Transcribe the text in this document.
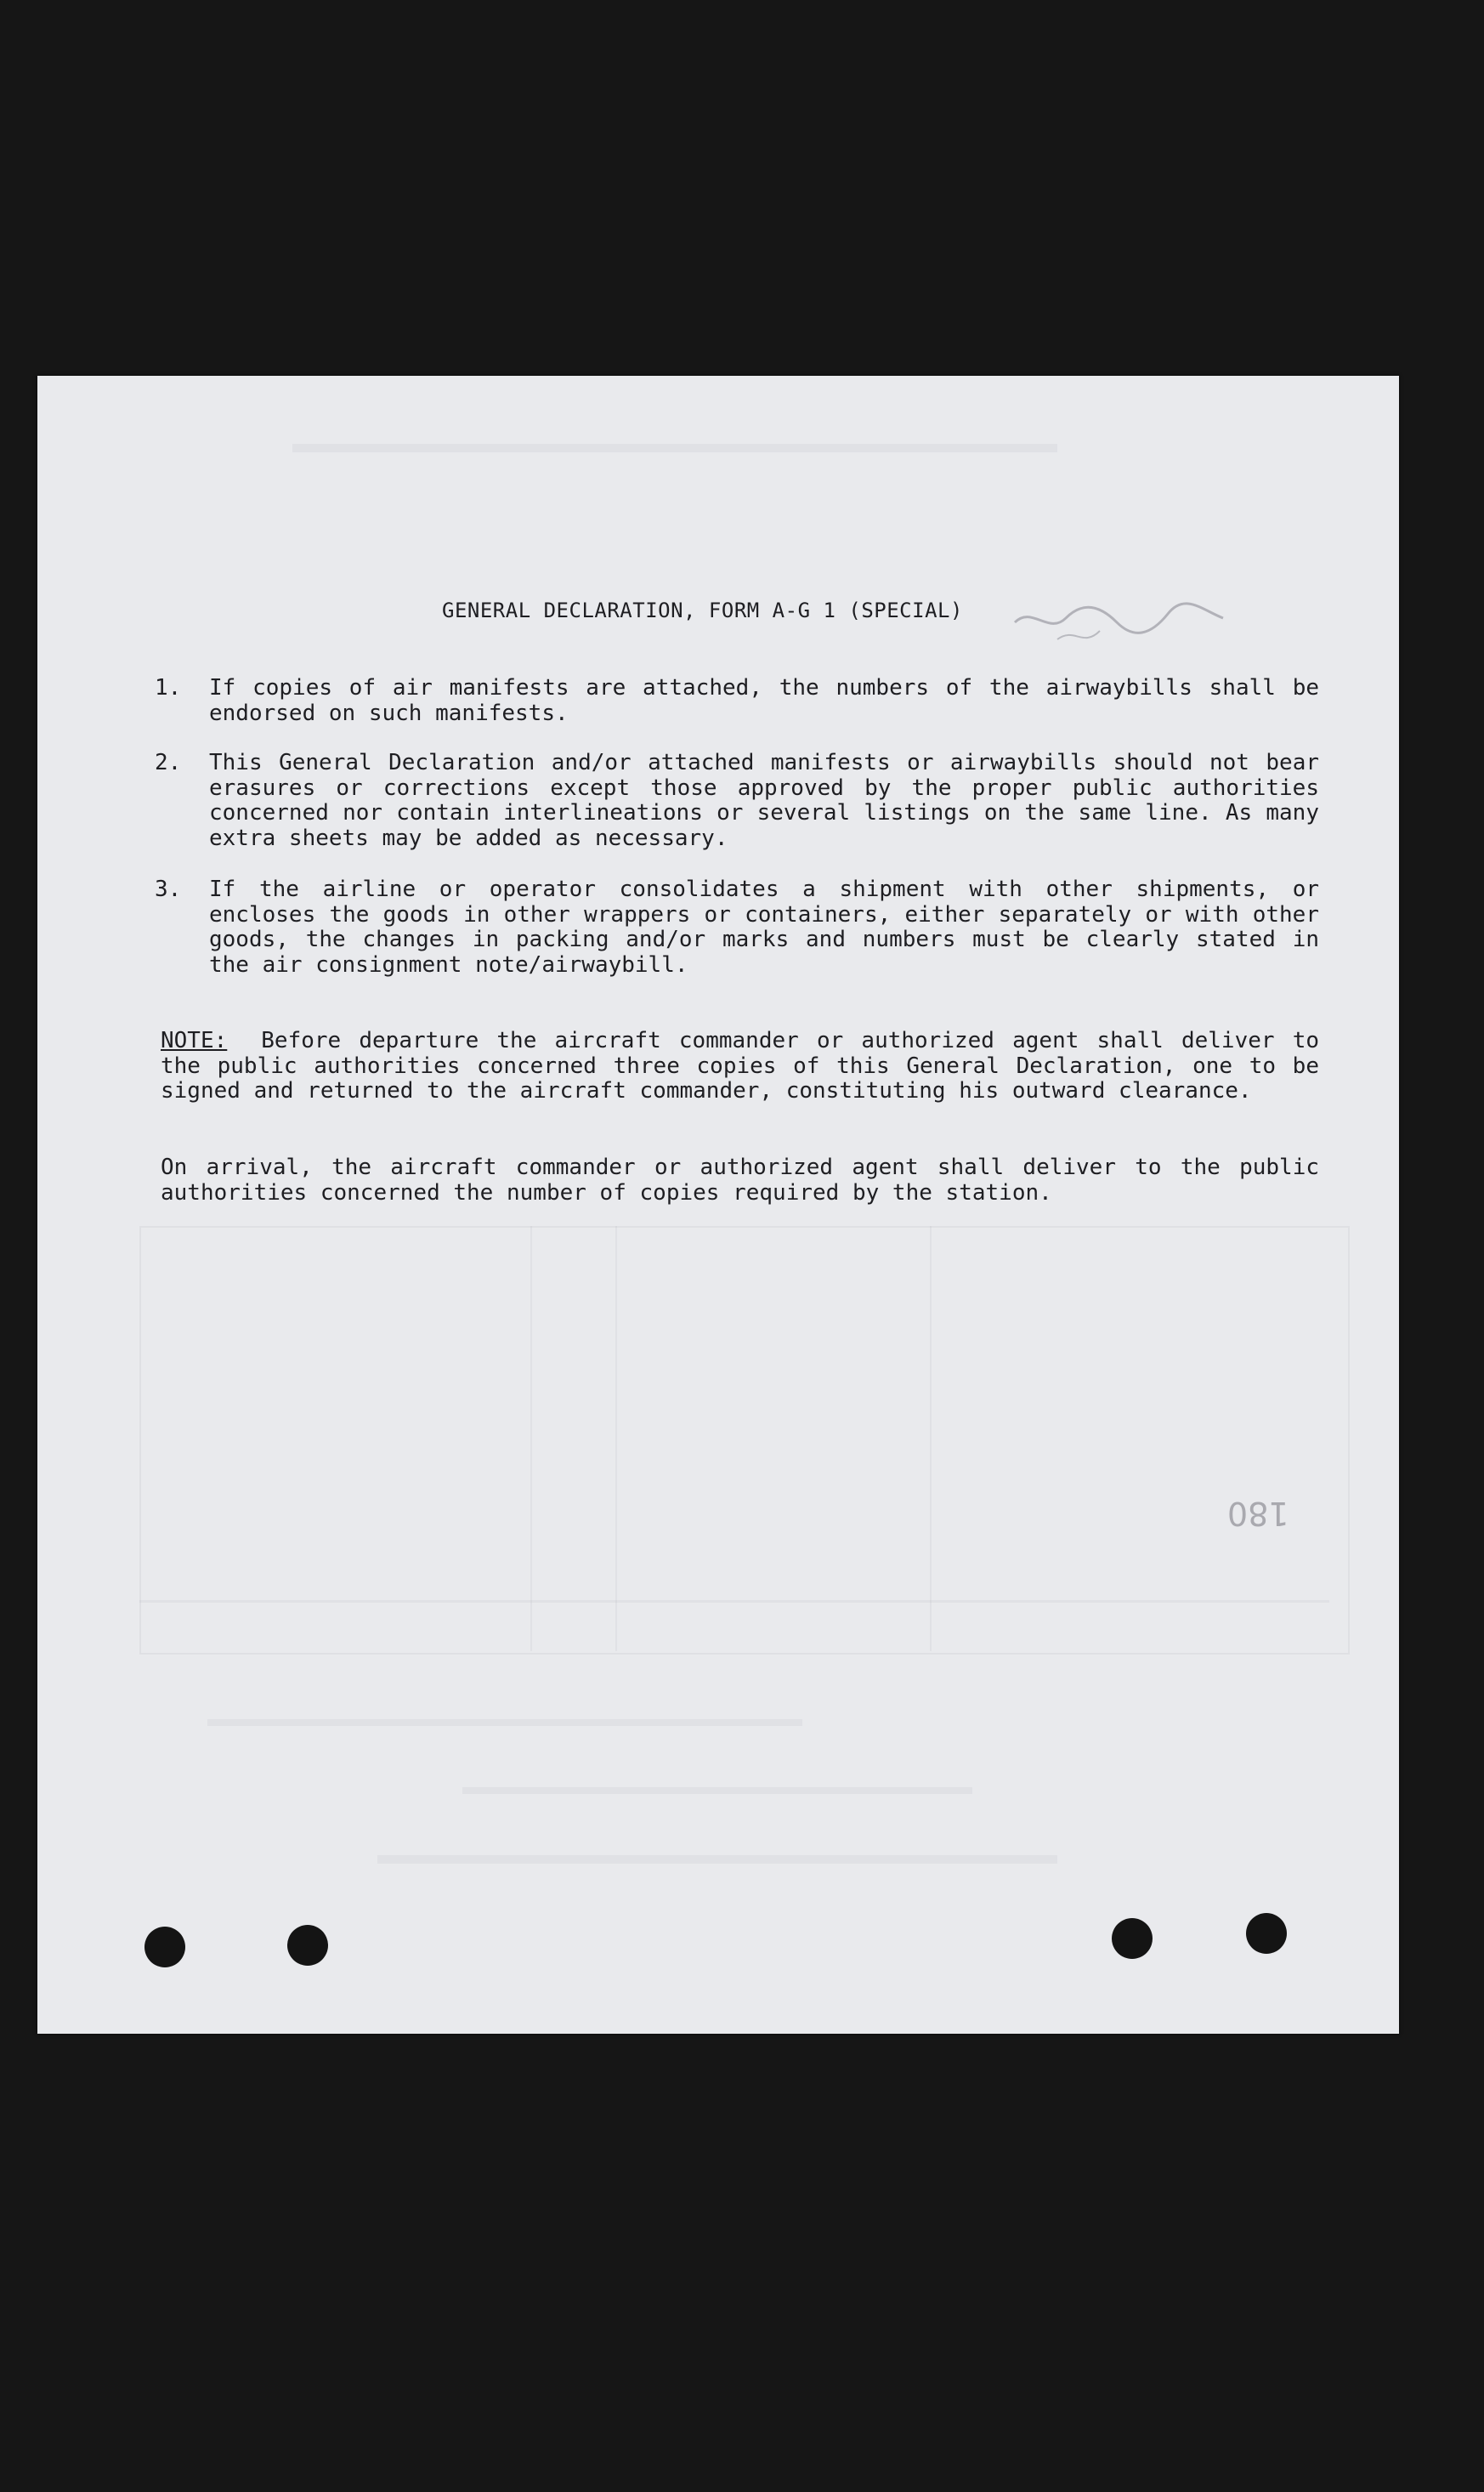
GENERAL DECLARATION, FORM A-G 1 (SPECIAL)
1.	If copies of air manifests are attached, the numbers of the airwaybills shall be endorsed on such manifests.
2.	This General Declaration and/or attached manifests or airwaybills should not bear erasures or corrections except those approved by the proper public authorities concerned nor contain interlineations or several listings on the same line. As many extra sheets may be added as necessary.
3.	If the airline or operator consolidates a shipment with other shipments, or encloses the goods in other wrappers or containers, either separately or with other goods, the changes in packing and/or marks and numbers must be clearly stated in the air consignment note/airwaybill.
NOTE: Before departure the aircraft commander or authorized agent shall deliver to the public authorities concerned three copies of this General Declaration, one to be signed and returned to the aircraft commander, constituting his outward clearance.
On arrival, the aircraft commander or authorized agent shall deliver to the public authorities concerned the number of copies required by the station.
180
